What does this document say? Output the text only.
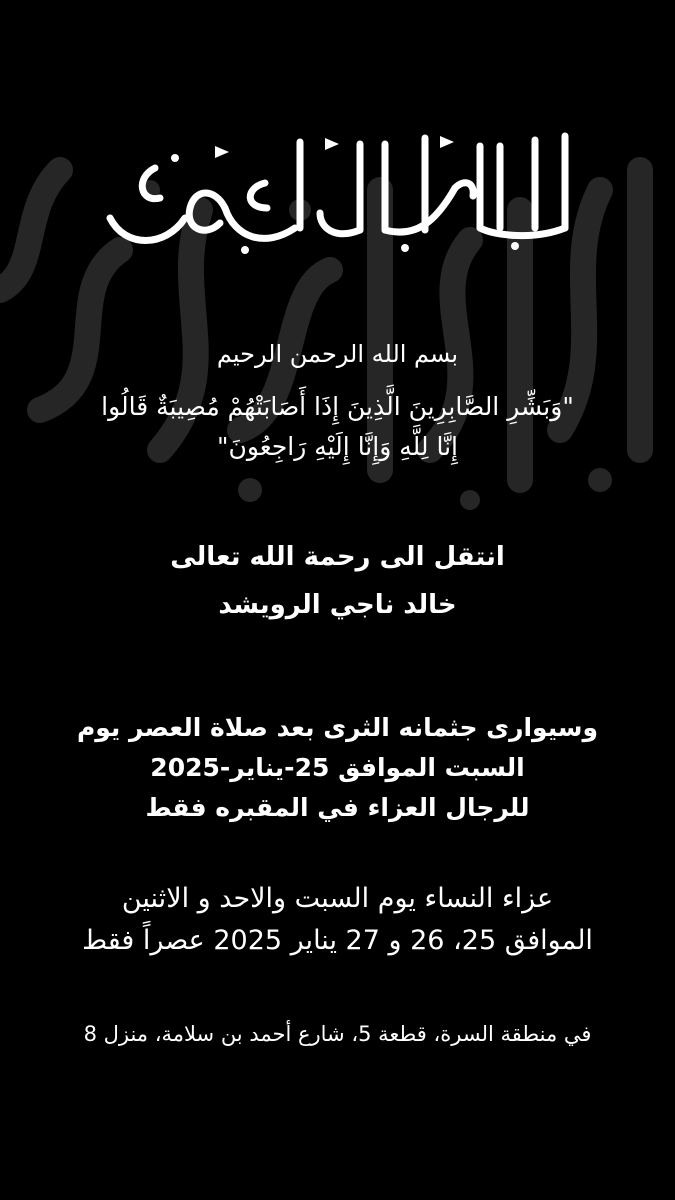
بسم الله الرحمن الرحيم
"وَبَشِّرِ الصَّابِرِينَ الَّذِينَ إِذَا أَصَابَتْهُمْ مُصِيبَةٌ قَالُوا
إِنَّا لِلَّهِ وَإِنَّا إِلَيْهِ رَاجِعُونَ"
انتقل الى رحمة الله تعالى
خالد ناجي الرويشد
وسيوارى جثمانه الثرى بعد صلاة العصر يوم
السبت الموافق 25-يناير-2025
للرجال العزاء في المقبره فقط
عزاء النساء يوم السبت والاحد و الاثنين
الموافق 25، 26 و 27 يناير 2025 عصراً فقط
في منطقة السرة، قطعة 5، شارع أحمد بن سلامة، منزل 8
